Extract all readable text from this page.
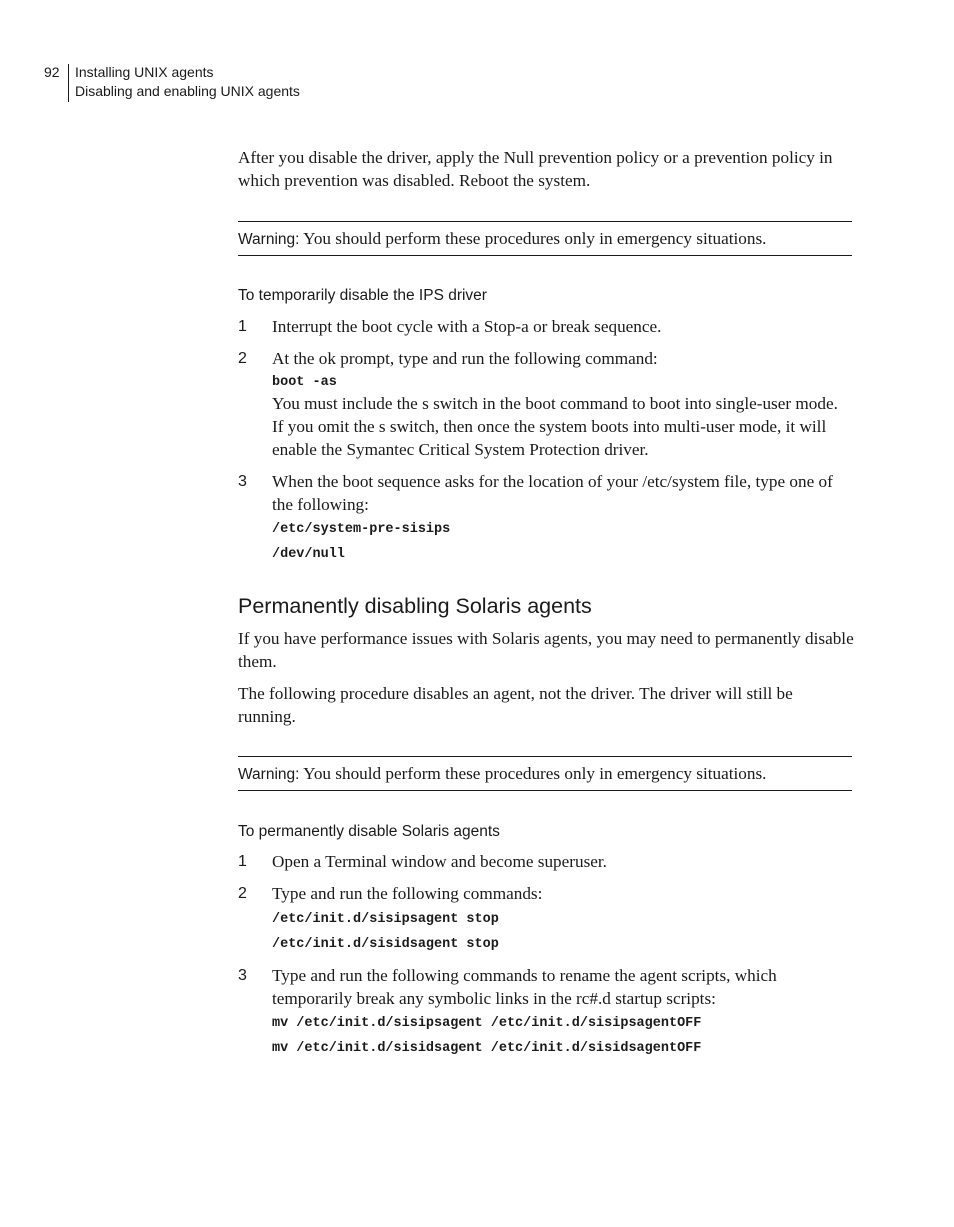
92 Installing UNIX agents
Disabling and enabling UNIX agents
After you disable the driver, apply the Null prevention policy or a prevention policy in which prevention was disabled. Reboot the system.
Warning: You should perform these procedures only in emergency situations.
To temporarily disable the IPS driver
1 Interrupt the boot cycle with a Stop-a or break sequence.
2 At the ok prompt, type and run the following command:
boot -as
You must include the s switch in the boot command to boot into single-user mode. If you omit the s switch, then once the system boots into multi-user mode, it will enable the Symantec Critical System Protection driver.
3 When the boot sequence asks for the location of your /etc/system file, type one of the following:
/etc/system-pre-sisips
/dev/null
Permanently disabling Solaris agents
If you have performance issues with Solaris agents, you may need to permanently disable them.
The following procedure disables an agent, not the driver. The driver will still be running.
Warning: You should perform these procedures only in emergency situations.
To permanently disable Solaris agents
1 Open a Terminal window and become superuser.
2 Type and run the following commands:
/etc/init.d/sisipsagent stop
/etc/init.d/sisidsagent stop
3 Type and run the following commands to rename the agent scripts, which temporarily break any symbolic links in the rc#.d startup scripts:
mv /etc/init.d/sisipsagent /etc/init.d/sisipsagentOFF
mv /etc/init.d/sisidsagent /etc/init.d/sisidsagentOFF
